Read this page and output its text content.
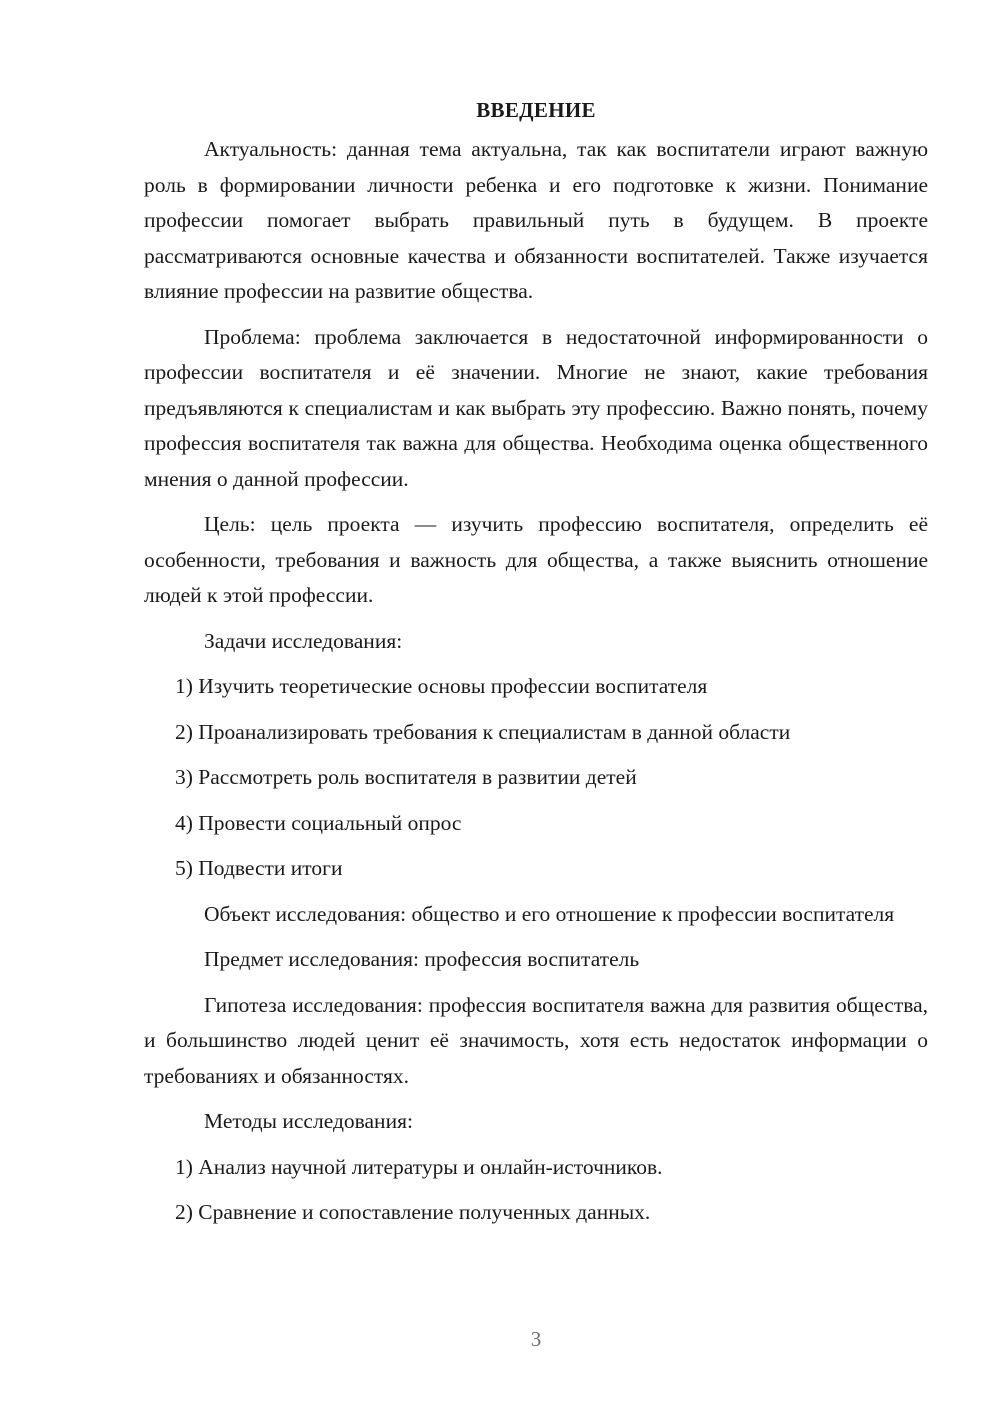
ВВЕДЕНИЕ

Актуальность: данная тема актуальна, так как воспитатели играют важную роль в формировании личности ребенка и его подготовке к жизни. Понимание профессии помогает выбрать правильный путь в будущем. В проекте рассматриваются основные качества и обязанности воспитателей. Также изучается влияние профессии на развитие общества.

Проблема: проблема заключается в недостаточной информированности о профессии воспитателя и её значении. Многие не знают, какие требования предъявляются к специалистам и как выбрать эту профессию. Важно понять, почему профессия воспитателя так важна для общества. Необходима оценка общественного мнения о данной профессии.

Цель: цель проекта — изучить профессию воспитателя, определить её особенности, требования и важность для общества, а также выяснить отношение людей к этой профессии.

Задачи исследования:
1) Изучить теоретические основы профессии воспитателя
2) Проанализировать требования к специалистам в данной области
3) Рассмотреть роль воспитателя в развитии детей
4) Провести социальный опрос
5) Подвести итоги

Объект исследования: общество и его отношение к профессии воспитателя

Предмет исследования: профессия воспитатель

Гипотеза исследования: профессия воспитателя важна для развития общества, и большинство людей ценит её значимость, хотя есть недостаток информации о требованиях и обязанностях.

Методы исследования:
1) Анализ научной литературы и онлайн-источников.
2) Сравнение и сопоставление полученных данных.
3
